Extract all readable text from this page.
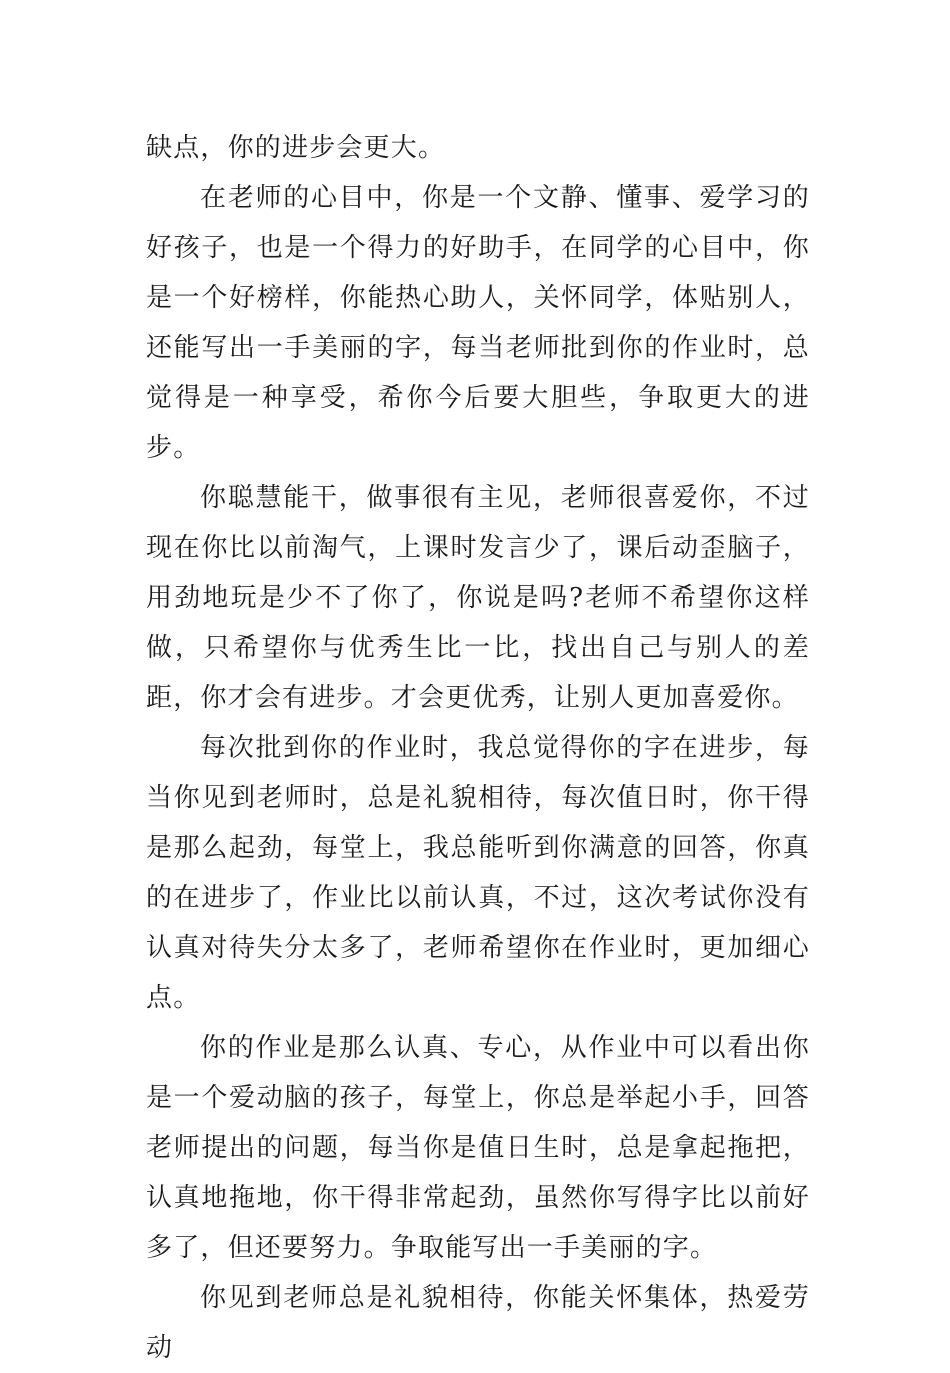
缺点，你的进步会更大。

在老师的心目中，你是一个文静、懂事、爱学习的好孩子，也是一个得力的好助手，在同学的心目中，你是一个好榜样，你能热心助人，关怀同学，体贴别人，还能写出一手美丽的字，每当老师批到你的作业时，总觉得是一种享受，希你今后要大胆些，争取更大的进步。

你聪慧能干，做事很有主见，老师很喜爱你，不过现在你比以前淘气，上课时发言少了，课后动歪脑子，用劲地玩是少不了你了，你说是吗?老师不希望你这样做，只希望你与优秀生比一比，找出自己与别人的差距，你才会有进步。才会更优秀，让别人更加喜爱你。

每次批到你的作业时，我总觉得你的字在进步，每当你见到老师时，总是礼貌相待，每次值日时，你干得是那么起劲，每堂上，我总能听到你满意的回答，你真的在进步了，作业比以前认真，不过，这次考试你没有认真对待失分太多了，老师希望你在作业时，更加细心点。

你的作业是那么认真、专心，从作业中可以看出你是一个爱动脑的孩子，每堂上，你总是举起小手，回答老师提出的问题，每当你是值日生时，总是拿起拖把，认真地拖地，你干得非常起劲，虽然你写得字比以前好多了，但还要努力。争取能写出一手美丽的字。

你见到老师总是礼貌相待，你能关怀集体，热爱劳动
